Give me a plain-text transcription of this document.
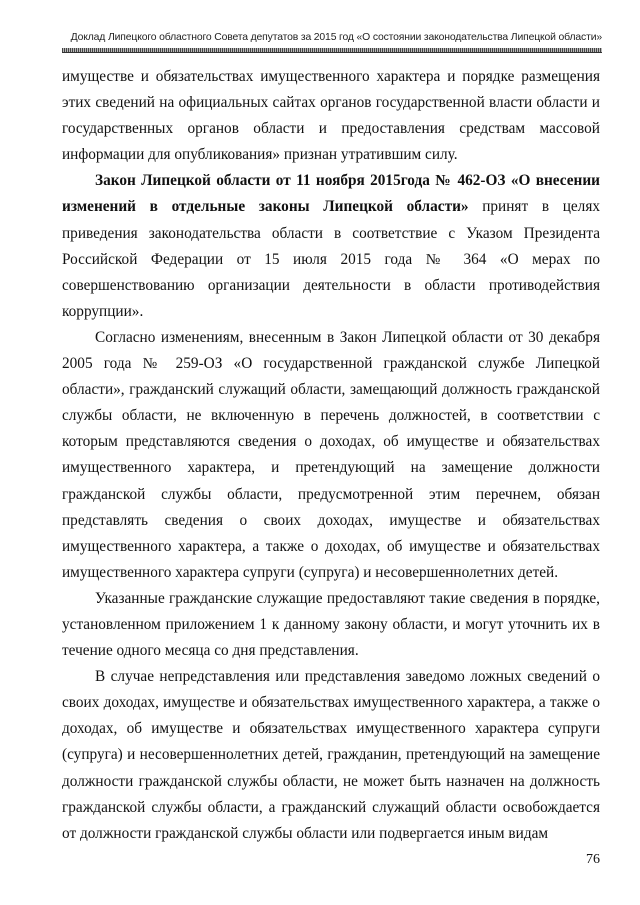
Доклад Липецкого областного Совета депутатов за 2015 год «О состоянии законодательства Липецкой области»

имуществе и обязательствах имущественного характера и порядке размещения этих сведений на официальных сайтах органов государственной власти области и государственных органов области и предоставления средствам массовой информации для опубликования» признан утратившим силу.

Закон Липецкой области от 11 ноября 2015года № 462-ОЗ «О внесении изменений в отдельные законы Липецкой области» принят в целях приведения законодательства области в соответствие с Указом Президента Российской Федерации от 15 июля 2015 года № 364 «О мерах по совершенствованию организации деятельности в области противодействия коррупции».

Согласно изменениям, внесенным в Закон Липецкой области от 30 декабря 2005 года № 259-ОЗ «О государственной гражданской службе Липецкой области», гражданский служащий области, замещающий должность гражданской службы области, не включенную в перечень должностей, в соответствии с которым представляются сведения о доходах, об имуществе и обязательствах имущественного характера, и претендующий на замещение должности гражданской службы области, предусмотренной этим перечнем, обязан представлять сведения о своих доходах, имуществе и обязательствах имущественного характера, а также о доходах, об имуществе и обязательствах имущественного характера супруги (супруга) и несовершеннолетних детей.

Указанные гражданские служащие предоставляют такие сведения в порядке, установленном приложением 1 к данному закону области, и могут уточнить их в течение одного месяца со дня представления.

В случае непредставления или представления заведомо ложных сведений о своих доходах, имуществе и обязательствах имущественного характера, а также о доходах, об имуществе и обязательствах имущественного характера супруги (супруга) и несовершеннолетних детей, гражданин, претендующий на замещение должности гражданской службы области, не может быть назначен на должность гражданской службы области, а гражданский служащий области освобождается от должности гражданской службы области или подвергается иным видам

76
